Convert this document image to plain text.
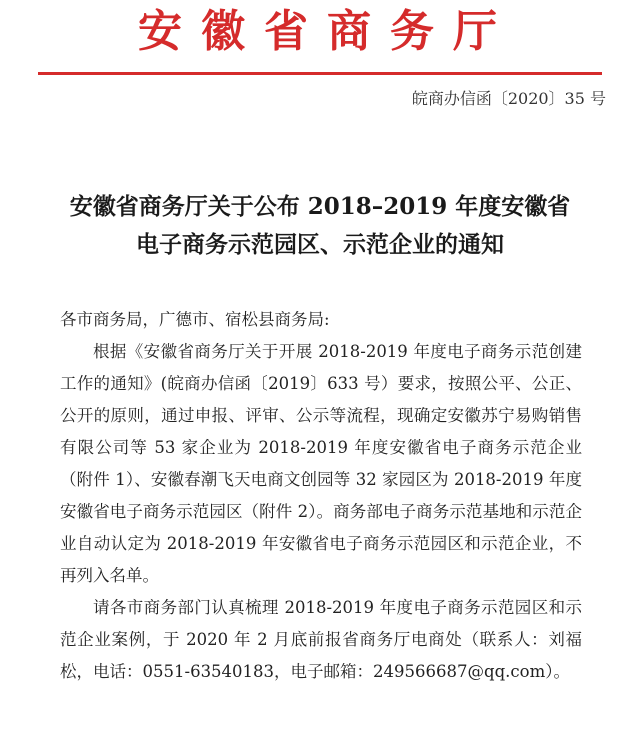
安徽省商务厅
皖商办信函〔2020〕35 号
安徽省商务厅关于公布 2018–2019 年度安徽省
电子商务示范园区、示范企业的通知

各市商务局，广德市、宿松县商务局:

根据《安徽省商务厅关于开展 2018-2019 年度电子商务示范创建工作的通知》(皖商办信函〔2019〕633 号）要求，按照公平、公正、公开的原则，通过申报、评审、公示等流程，现确定安徽苏宁易购销售有限公司等 53 家企业为 2018-2019 年度安徽省电子商务示范企业（附件 1）、安徽春潮飞天电商文创园等 32 家园区为 2018-2019 年度安徽省电子商务示范园区（附件 2）。商务部电子商务示范基地和示范企业自动认定为 2018-2019 年安徽省电子商务示范园区和示范企业，不再列入名单。

请各市商务部门认真梳理 2018-2019 年度电子商务示范园区和示范企业案例，于 2020 年 2 月底前报省商务厅电商处（联系人：刘福松，电话：0551-63540183，电子邮箱：249566687@qq.com）。
